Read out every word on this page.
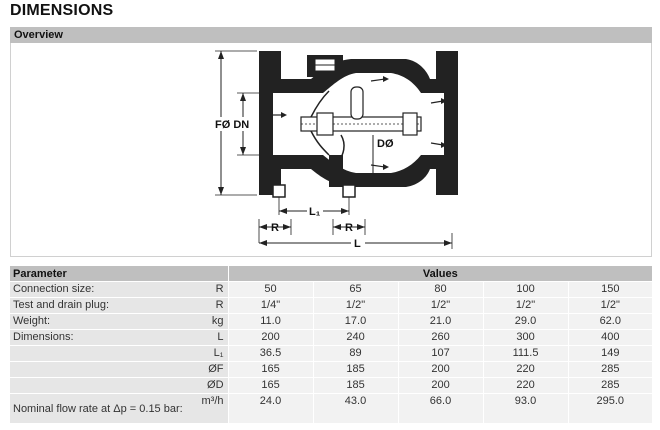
DIMENSIONS
Overview
FØ DN
DØ
L₁
R	R
L
Parameter		Values				
Connection size:	R	50	65	80	100	150
Test and drain plug:	R	1/4"	1/2"	1/2"	1/2"	1/2"
Weight:	kg	11.0	17.0	21.0	29.0	62.0
Dimensions:	L	200	240	260	300	400
	L₁	36.5	89	107	111.5	149
	ØF	165	185	200	220	285
	ØD	165	185	200	220	285
Nominal flow rate at Δp = 0.15 bar:	m³/h	24.0	43.0	66.0	93.0	295.0
